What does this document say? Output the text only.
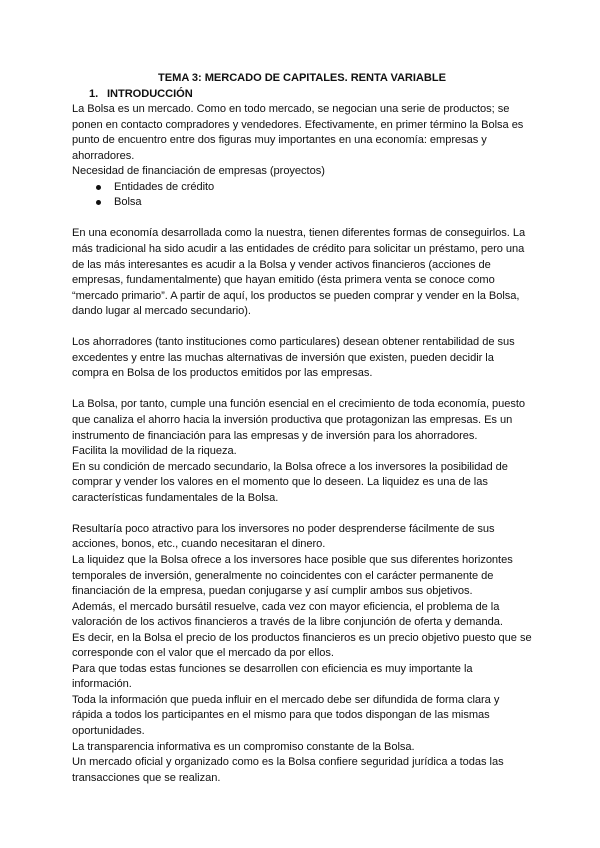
TEMA 3: MERCADO DE CAPITALES. RENTA VARIABLE

1. INTRODUCCIÓN

La Bolsa es un mercado. Como en todo mercado, se negocian una serie de productos; se ponen en contacto compradores y vendedores. Efectivamente, en primer término la Bolsa es punto de encuentro entre dos figuras muy importantes en una economía: empresas y ahorradores.

Necesidad de financiación de empresas (proyectos)

Entidades de crédito
Bolsa

En una economía desarrollada como la nuestra, tienen diferentes formas de conseguirlos. La más tradicional ha sido acudir a las entidades de crédito para solicitar un préstamo, pero una de las más interesantes es acudir a la Bolsa y vender activos financieros (acciones de empresas, fundamentalmente) que hayan emitido (ésta primera venta se conoce como “mercado primario”. A partir de aquí, los productos se pueden comprar y vender en la Bolsa, dando lugar al mercado secundario).

Los ahorradores (tanto instituciones como particulares) desean obtener rentabilidad de sus excedentes y entre las muchas alternativas de inversión que existen, pueden decidir la compra en Bolsa de los productos emitidos por las empresas.

La Bolsa, por tanto, cumple una función esencial en el crecimiento de toda economía, puesto que canaliza el ahorro hacia la inversión productiva que protagonizan las empresas. Es un instrumento de financiación para las empresas y de inversión para los ahorradores.

Facilita la movilidad de la riqueza.

En su condición de mercado secundario, la Bolsa ofrece a los inversores la posibilidad de comprar y vender los valores en el momento que lo deseen. La liquidez es una de las características fundamentales de la Bolsa.

Resultaría poco atractivo para los inversores no poder desprenderse fácilmente de sus acciones, bonos, etc., cuando necesitaran el dinero.

La liquidez que la Bolsa ofrece a los inversores hace posible que sus diferentes horizontes temporales de inversión, generalmente no coincidentes con el carácter permanente de financiación de la empresa, puedan conjugarse y así cumplir ambos sus objetivos.

Además, el mercado bursátil resuelve, cada vez con mayor eficiencia, el problema de la valoración de los activos financieros a través de la libre conjunción de oferta y demanda.

Es decir, en la Bolsa el precio de los productos financieros es un precio objetivo puesto que se corresponde con el valor que el mercado da por ellos.

Para que todas estas funciones se desarrollen con eficiencia es muy importante la información.

Toda la información que pueda influir en el mercado debe ser difundida de forma clara y rápida a todos los participantes en el mismo para que todos dispongan de las mismas oportunidades.

La transparencia informativa es un compromiso constante de la Bolsa.

Un mercado oficial y organizado como es la Bolsa confiere seguridad jurídica a todas las transacciones que se realizan.
